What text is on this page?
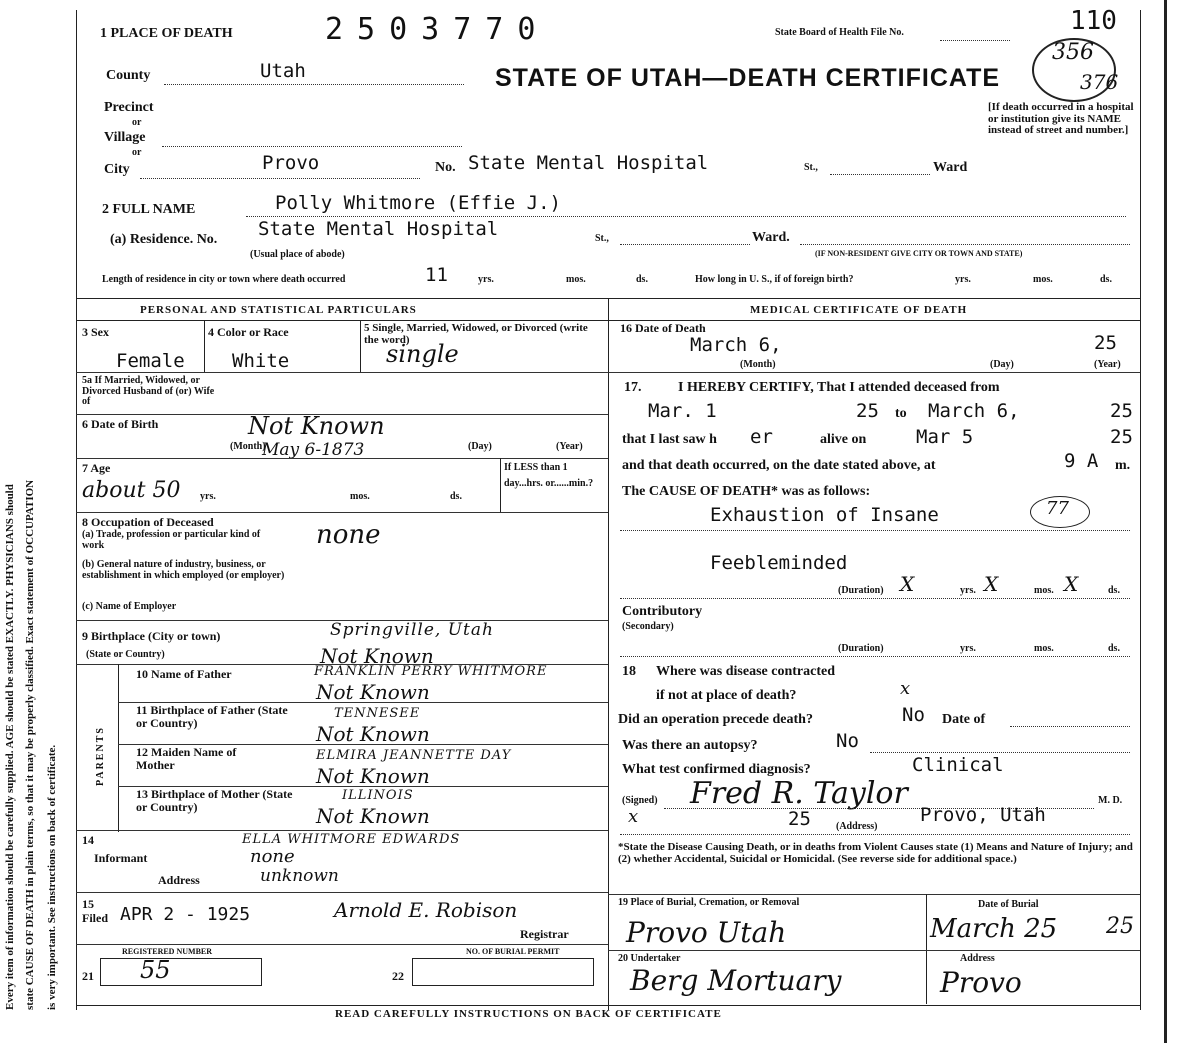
Every item of information should be carefully supplied. AGE should be stated EXACTLY. PHYSICIANS should state CAUSE OF DEATH in plain terms, so that it may be properly classified. Exact statement of OCCUPATION is very important. See instructions on back of certificate.
1 PLACE OF DEATH	2503770	State Board of Health File No.	110
356
376
STATE OF UTAH—DEATH CERTIFICATE
[If death occurred in a hospital or institution give its NAME instead of street and number.]
County	Utah
Precinct
or
Village
or
City	Provo	No. State Mental Hospital	St.,	Ward
2 FULL NAME	Polly Whitmore (Effie J.)
(a) Residence. No. State Mental Hospital
(Usual place of abode)
St.,	Ward.
(IF NON-RESIDENT GIVE CITY OR TOWN AND STATE)
Length of residence in city or town where death occurred	11	yrs.	mos.	ds.	How long in U. S., if of foreign birth?	yrs.	mos.	ds.
PERSONAL AND STATISTICAL PARTICULARS
3 Sex	4 Color or Race	5 Single, Married, Widowed, or Divorced (write the word)
Female White	single
5a If Married, Widowed, or Divorced Husband of (or) Wife of
6 Date of Birth	Not Known
(Month)
May 6-1873	(Day)	(Year)
7 Age
about 50 yrs.	mos.	ds.
If LESS than 1 day...hrs. or......min.?
8 Occupation of Deceased
(a) Trade, profession or particular kind of work	none
(b) General nature of industry, business, or establishment in which employed (or employer)
(c) Name of Employer
9 Birthplace (City or town)	Springville, Utah
(State or Country)	Not Known
PARENTS
10 Name of Father	FRANKLIN PERRY WHITMORE
Not Known
11 Birthplace of Father (State or Country)
TENNESEE
Not Known
12 Maiden Name of Mother
ELMIRA JEANNETTE DAY
Not Known
13 Birthplace of Mother (State or Country)
ILLINOIS
Not Known
14	ELLA WHITMORE EDWARDS
Informant	none
Address	unknown
15
Filed APR 2 - 1925	Arnold E. Robison
Registrar
REGISTERED NUMBER	NO. OF BURIAL PERMIT
21 55	22
MEDICAL CERTIFICATE OF DEATH
16 Date of Death
March 6,
(Month)	(Day)
25
(Year)
17.	I HEREBY CERTIFY, That I attended deceased from
Mar. 1	25 to March 6,	25
that I last saw h er	alive on	Mar 5	25
and that death occurred, on the date stated above, at	9 A m.
The CAUSE OF DEATH* was as follows:
Exhaustion of Insane	77
Feebleminded
(Duration) X	yrs. X	mos. X	ds.
Contributory
(Secondary)
(Duration)	yrs.	mos.	ds.
18 Where was disease contracted
if not at place of death?	x
Did an operation precede death?	No Date of
Was there an autopsy?	No
What test confirmed diagnosis?	Clinical
(Signed) Fred R. Taylor	M. D.
x	25	(Address)
Provo, Utah
*State the Disease Causing Death, or in deaths from Violent Causes state (1) Means and Nature of Injury; and (2) whether Accidental, Suicidal or Homicidal. (See reverse side for additional space.)
19 Place of Burial, Cremation, or Removal
Provo Utah
Date of Burial
March 25 25
20 Undertaker
Berg Mortuary
Address
Provo
READ CAREFULLY INSTRUCTIONS ON BACK OF CERTIFICATE
